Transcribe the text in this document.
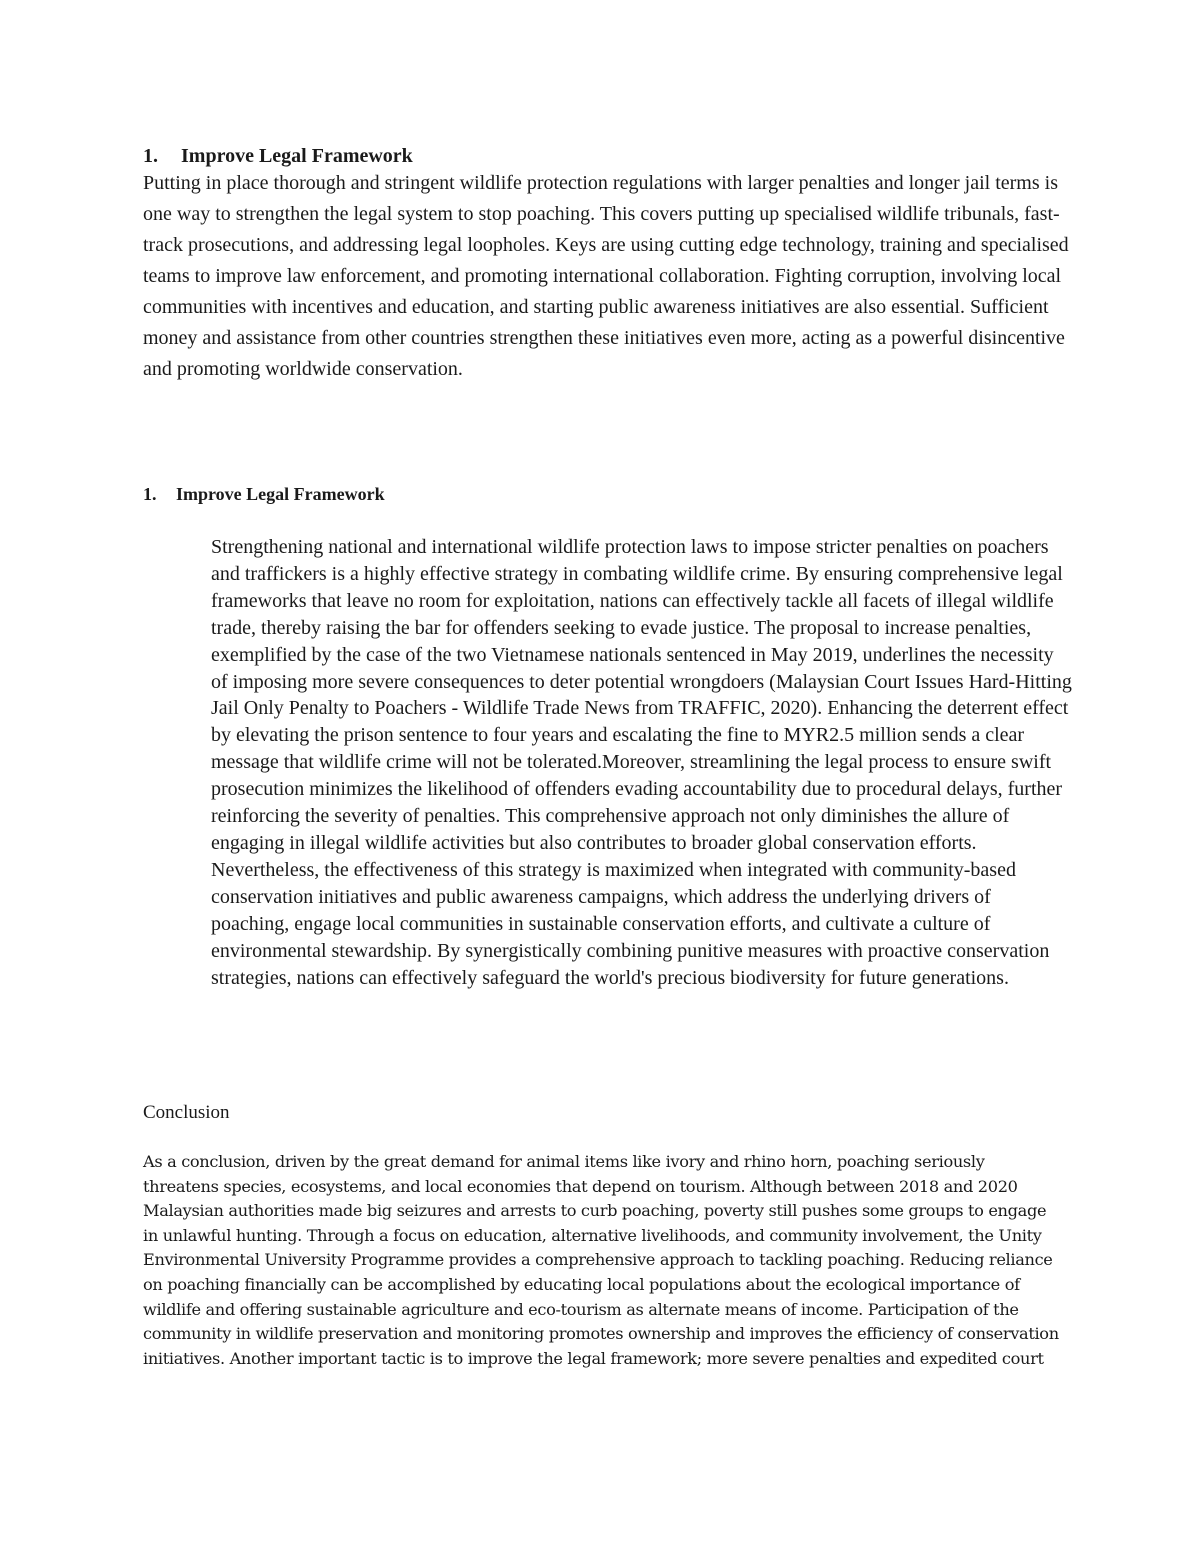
1. Improve Legal Framework

Putting in place thorough and stringent wildlife protection regulations with larger penalties and longer jail terms is one way to strengthen the legal system to stop poaching. This covers putting up specialised wildlife tribunals, fast-track prosecutions, and addressing legal loopholes. Keys are using cutting edge technology, training and specialised teams to improve law enforcement, and promoting international collaboration. Fighting corruption, involving local communities with incentives and education, and starting public awareness initiatives are also essential. Sufficient money and assistance from other countries strengthen these initiatives even more, acting as a powerful disincentive and promoting worldwide conservation.

1. Improve Legal Framework

Strengthening national and international wildlife protection laws to impose stricter penalties on poachers and traffickers is a highly effective strategy in combating wildlife crime. By ensuring comprehensive legal frameworks that leave no room for exploitation, nations can effectively tackle all facets of illegal wildlife trade, thereby raising the bar for offenders seeking to evade justice. The proposal to increase penalties, exemplified by the case of the two Vietnamese nationals sentenced in May 2019, underlines the necessity of imposing more severe consequences to deter potential wrongdoers (Malaysian Court Issues Hard-Hitting Jail Only Penalty to Poachers - Wildlife Trade News from TRAFFIC, 2020). Enhancing the deterrent effect by elevating the prison sentence to four years and escalating the fine to MYR2.5 million sends a clear message that wildlife crime will not be tolerated.Moreover, streamlining the legal process to ensure swift prosecution minimizes the likelihood of offenders evading accountability due to procedural delays, further reinforcing the severity of penalties. This comprehensive approach not only diminishes the allure of engaging in illegal wildlife activities but also contributes to broader global conservation efforts. Nevertheless, the effectiveness of this strategy is maximized when integrated with community-based conservation initiatives and public awareness campaigns, which address the underlying drivers of poaching, engage local communities in sustainable conservation efforts, and cultivate a culture of environmental stewardship. By synergistically combining punitive measures with proactive conservation strategies, nations can effectively safeguard the world's precious biodiversity for future generations.

Conclusion

As a conclusion, driven by the great demand for animal items like ivory and rhino horn, poaching seriously threatens species, ecosystems, and local economies that depend on tourism. Although between 2018 and 2020 Malaysian authorities made big seizures and arrests to curb poaching, poverty still pushes some groups to engage in unlawful hunting. Through a focus on education, alternative livelihoods, and community involvement, the Unity Environmental University Programme provides a comprehensive approach to tackling poaching. Reducing reliance on poaching financially can be accomplished by educating local populations about the ecological importance of wildlife and offering sustainable agriculture and eco-tourism as alternate means of income. Participation of the community in wildlife preservation and monitoring promotes ownership and improves the efficiency of conservation initiatives. Another important tactic is to improve the legal framework; more severe penalties and expedited court
